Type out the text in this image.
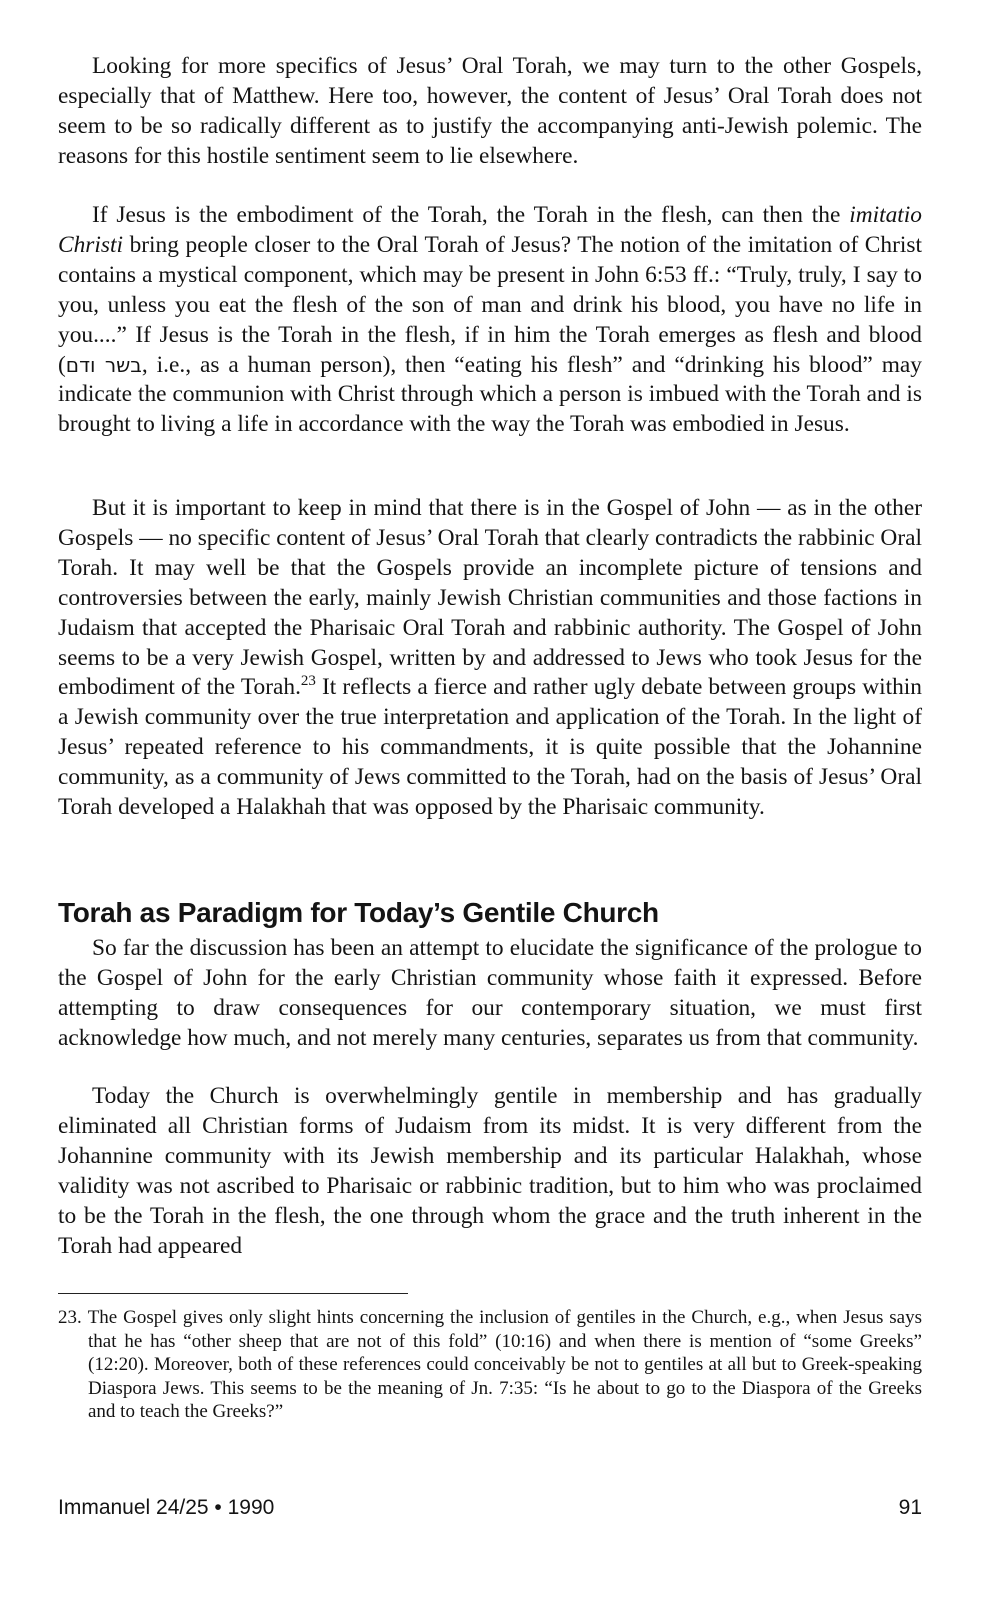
Looking for more specifics of Jesus’ Oral Torah, we may turn to the other Gospels, especially that of Matthew. Here too, however, the content of Jesus’ Oral Torah does not seem to be so radically different as to justify the accompanying anti-Jewish polemic. The reasons for this hostile sentiment seem to lie elsewhere.

If Jesus is the embodiment of the Torah, the Torah in the flesh, can then the imitatio Christi bring people closer to the Oral Torah of Jesus? The notion of the imitation of Christ contains a mystical component, which may be present in John 6:53 ff.: “Truly, truly, I say to you, unless you eat the flesh of the son of man and drink his blood, you have no life in you....” If Jesus is the Torah in the flesh, if in him the Torah emerges as flesh and blood (בשר ודם, i.e., as a human person), then “eating his flesh” and “drinking his blood” may indicate the communion with Christ through which a person is imbued with the Torah and is brought to living a life in accordance with the way the Torah was embodied in Jesus.

But it is important to keep in mind that there is in the Gospel of John — as in the other Gospels — no specific content of Jesus’ Oral Torah that clearly contradicts the rabbinic Oral Torah. It may well be that the Gospels provide an incomplete picture of tensions and controversies between the early, mainly Jewish Christian communities and those factions in Judaism that accepted the Pharisaic Oral Torah and rabbinic authority. The Gospel of John seems to be a very Jewish Gospel, written by and addressed to Jews who took Jesus for the embodiment of the Torah.$^{23}$ It reflects a fierce and rather ugly debate between groups within a Jewish community over the true interpretation and application of the Torah. In the light of Jesus’ repeated reference to his commandments, it is quite possible that the Johannine community, as a community of Jews committed to the Torah, had on the basis of Jesus’ Oral Torah developed a Halakhah that was opposed by the Pharisaic community.

Torah as Paradigm for Today’s Gentile Church

So far the discussion has been an attempt to elucidate the significance of the prologue to the Gospel of John for the early Christian community whose faith it expressed. Before attempting to draw consequences for our contemporary situation, we must first acknowledge how much, and not merely many centuries, separates us from that community.

Today the Church is overwhelmingly gentile in membership and has gradually eliminated all Christian forms of Judaism from its midst. It is very different from the Johannine community with its Jewish membership and its particular Halakhah, whose validity was not ascribed to Pharisaic or rabbinic tradition, but to him who was proclaimed to be the Torah in the flesh, the one through whom the grace and the truth inherent in the Torah had appeared

23. The Gospel gives only slight hints concerning the inclusion of gentiles in the Church, e.g., when Jesus says that he has “other sheep that are not of this fold” (10:16) and when there is mention of “some Greeks” (12:20). Moreover, both of these references could conceivably be not to gentiles at all but to Greek-speaking Diaspora Jews. This seems to be the meaning of Jn. 7:35: “Is he about to go to the Diaspora of the Greeks and to teach the Greeks?”

Immanuel 24/25 • 1990	91
